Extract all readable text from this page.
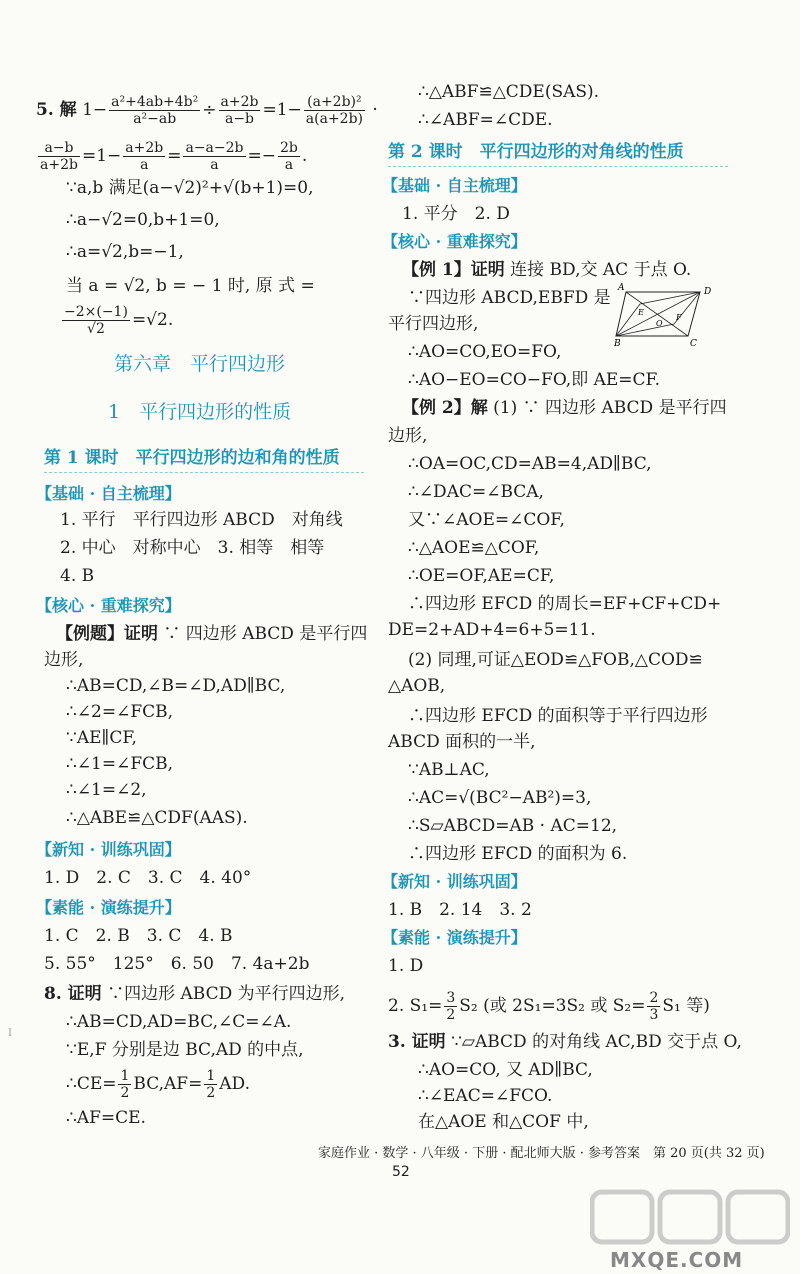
5. 解 $1- \frac{\text{a²+4ab+4b²}}{\text{a²−ab}} \div \frac{a+2b}{a-b} =1- \frac{\text{(a+2b)²}}{a(a+2b)}$ ·
$\frac{a-b}{a+2b} =1- \frac{a+2b}{a} = \frac{a-a-2b}{a} =- \frac{2b}{a}$ .
∵a,b 满足(a−√2)²+√(b+1)=0,
∴a−√2=0,b+1=0,
∴a=√2,b=−1,
当 a = √2, b = − 1 时, 原 式 =
$\frac{-2\times(-1)}{√2} =√2$.
第六章　平行四边形
1　平行四边形的性质
第 1 课时　平行四边形的边和角的性质
【基础 · 自主梳理】
1. 平行　平行四边形 ABCD　对角线
2. 中心　对称中心　3. 相等　相等
4. B
【核心 · 重难探究】
【例题】证明 ∵ 四边形 ABCD 是平行四
边形,
∴AB=CD,∠B=∠D,AD∥BC,
∴∠2=∠FCB,
∵AE∥CF,
∴∠1=∠FCB,
∴∠1=∠2,
∴△ABE≌△CDF(AAS).
【新知 · 训练巩固】
1. D　2. C　3. C　4. 40°
【素能 · 演练提升】
1. C　2. B　3. C　4. B
5. 55°　125°　6. 50　7. 4a+2b
8. 证明 ∵四边形 ABCD 为平行四边形,
∴AB=CD,AD=BC,∠C=∠A.
∵E,F 分别是边 BC,AD 的中点,
∴CE= $\frac{1}{2} BC,AF= \frac{1}{2}$ AD.
∴AF=CE.
I
∴△ABF≌△CDE(SAS).
∴∠ABF=∠CDE.
第 2 课时　平行四边形的对角线的性质
【基础 · 自主梳理】
1. 平分　2. D
【核心 · 重难探究】
【例 1】证明 连接 BD,交 AC 于点 O.
∵四边形 ABCD,EBFD 是
平行四边形,
∴AO=CO,EO=FO,
∴AO−EO=CO−FO,即 AE=CF.
【例 2】解 (1) ∵ 四边形 ABCD 是平行四
边形,
∴OA=OC,CD=AB=4,AD∥BC,
∴∠DAC=∠BCA,
又∵∠AOE=∠COF,
∴△AOE≌△COF,
∴OE=OF,AE=CF,
∴四边形 EFCD 的周长=EF+CF+CD+
DE=2+AD+4=6+5=11.
(2) 同理,可证△EOD≌△FOB,△COD≌
△AOB,
∴四边形 EFCD 的面积等于平行四边形
ABCD 面积的一半,
∵AB⊥AC,
∴AC=√(BC²−AB²)=3,
∴S▱ABCD=AB · AC=12,
∴四边形 EFCD 的面积为 6.
【新知 · 训练巩固】
1. B　2. 14　3. 2
【素能 · 演练提升】
1. D
2. $S_1= \frac{3}{2} S_2$ (或 2S₁=3S₂ 或 $S_2= \frac{2}{3} S_1$ 等)
3. 证明 ∵▱ABCD 的对角线 AC,BD 交于点 O,
∴AO=CO, 又 AD∥BC,
∴∠EAC=∠FCO.
在△AOE 和△COF 中,
A	D
B	C
E
F
O
家庭作业 · 数学 · 八年级 · 下册 · 配北师大版 · 参考答案　第 20 页(共 32 页)
52
MXQE.COM
